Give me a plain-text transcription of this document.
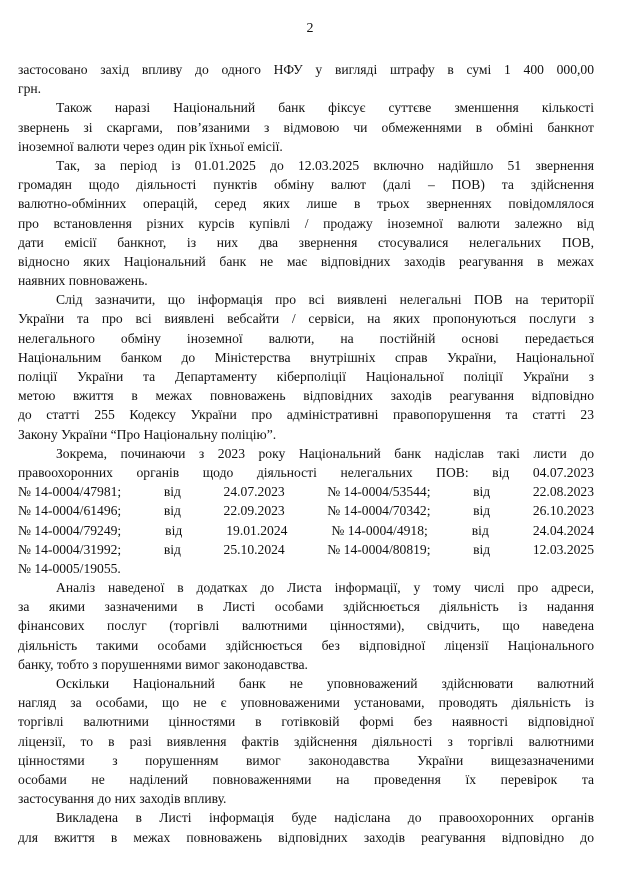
2
застосовано захід впливу до одного НФУ у вигляді штрафу в сумі 1 400 000,00
грн.
Також наразі Національний банк фіксує суттєве зменшення кількості
звернень зі скаргами, пов’язаними з відмовою чи обмеженнями в обміні банкнот
іноземної валюти через один рік їхньої емісії.
Так, за період із 01.01.2025 до 12.03.2025 включно надійшло 51 звернення
громадян щодо діяльності пунктів обміну валют (далі – ПОВ) та здійснення
валютно-обмінних операцій, серед яких лише в трьох зверненнях повідомлялося
про встановлення різних курсів купівлі / продажу іноземної валюти залежно від
дати емісії банкнот, із них два звернення стосувалися нелегальних ПОВ,
відносно яких Національний банк не має відповідних заходів реагування в межах
наявних повноважень.
Слід зазначити, що інформація про всі виявлені нелегальні ПОВ на території
України та про всі виявлені вебсайти / сервіси, на яких пропонуються послуги з
нелегального обміну іноземної валюти, на постійній основі передається
Національним банком до Міністерства внутрішніх справ України, Національної
поліції України та Департаменту кіберполіції Національної поліції України з
метою вжиття в межах повноважень відповідних заходів реагування відповідно
до статті 255 Кодексу України про адміністративні правопорушення та статті 23
Закону України “Про Національну поліцію”.
Зокрема, починаючи з 2023 року Національний банк надіслав такі листи до
правоохоронних органів щодо діяльності нелегальних ПОВ: від 04.07.2023
№ 14-0004/47981;	від	24.07.2023	№ 14-0004/53544;	від	22.08.2023
№ 14-0004/61496;	від	22.09.2023	№ 14-0004/70342;	від	26.10.2023
№ 14-0004/79249;	від	19.01.2024	№ 14-0004/4918;	від	24.04.2024
№ 14-0004/31992;	від	25.10.2024	№ 14-0004/80819;	від	12.03.2025
№ 14-0005/19055.
Аналіз наведеної в додатках до Листа інформації, у тому числі про адреси,
за якими зазначеними в Листі особами здійснюється діяльність із надання
фінансових послуг (торгівлі валютними цінностями), свідчить, що наведена
діяльність такими особами здійснюється без відповідної ліцензії Національного
банку, тобто з порушеннями вимог законодавства.
Оскільки Національний банк не уповноважений здійснювати валютний
нагляд за особами, що не є уповноваженими установами, проводять діяльність із
торгівлі валютними цінностями в готівковій формі без наявності відповідної
ліцензії, то в разі виявлення фактів здійснення діяльності з торгівлі валютними
цінностями з порушенням вимог законодавства України вищезазначеними
особами не наділений повноваженнями на проведення їх перевірок та
застосування до них заходів впливу.
Викладена в Листі інформація буде надіслана до правоохоронних органів
для вжиття в межах повноважень відповідних заходів реагування відповідно до
